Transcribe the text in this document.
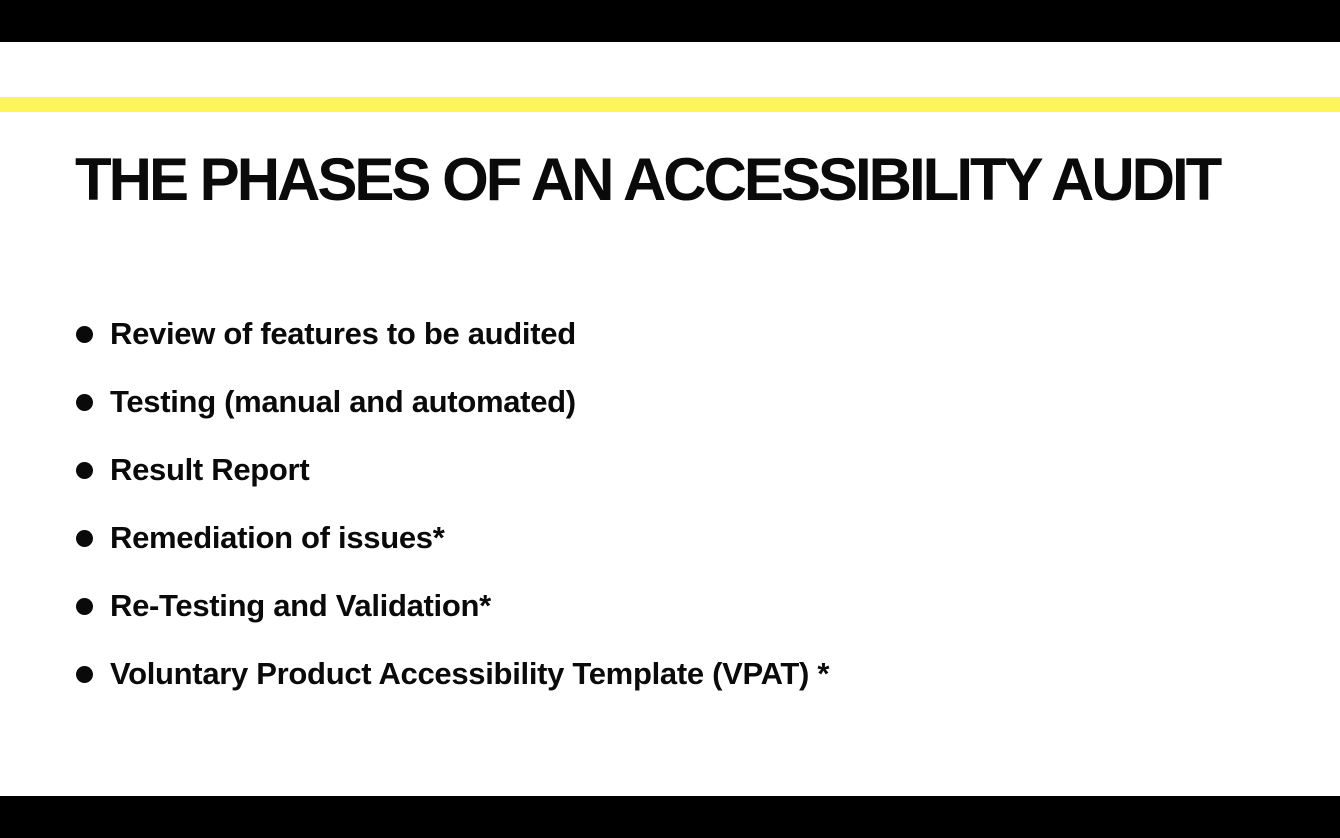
THE PHASES OF AN ACCESSIBILITY AUDIT
Review of features to be audited
Testing (manual and automated)
Result Report
Remediation of issues*
Re-Testing and Validation*
Voluntary Product Accessibility Template (VPAT) *
